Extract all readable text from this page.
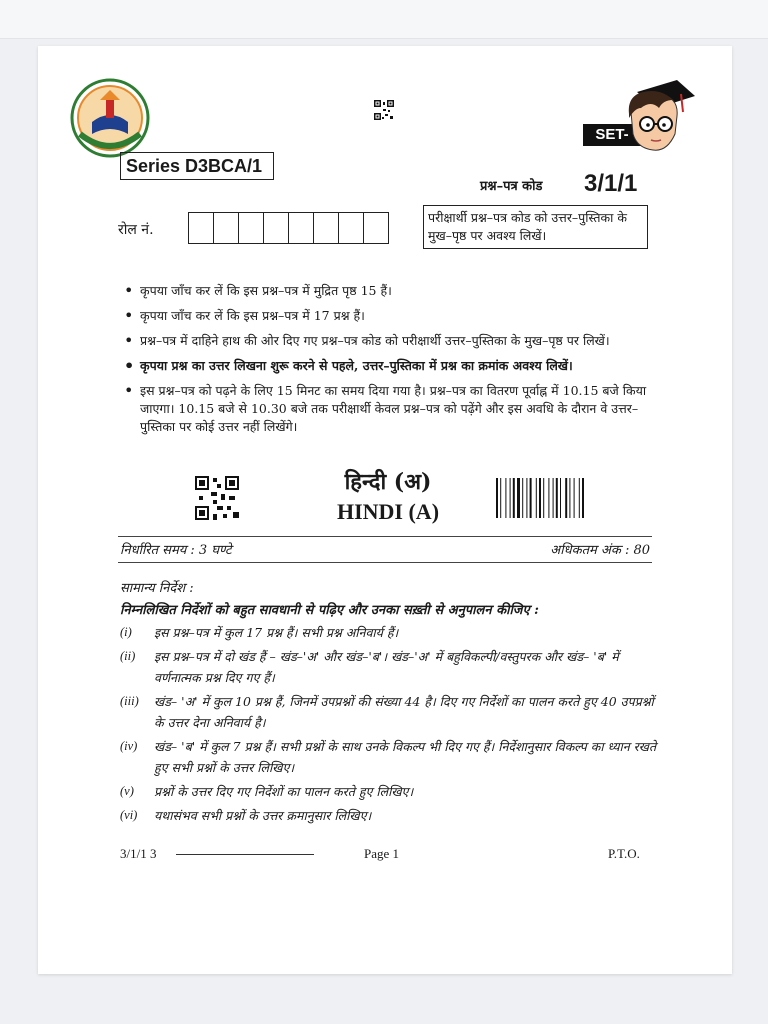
SET-
Series D3BCA/1
प्रश्न–पत्र कोड 3/1/1
रोल नं.
परीक्षार्थी प्रश्न–पत्र कोड को उत्तर–पुस्तिका के मुख–पृष्ठ पर अवश्य लिखें।
• कृपया जाँच कर लें कि इस प्रश्न–पत्र में मुद्रित पृष्ठ 15 हैं।
• कृपया जाँच कर लें कि इस प्रश्न–पत्र में 17 प्रश्न हैं।
• प्रश्न–पत्र में दाहिने हाथ की ओर दिए गए प्रश्न–पत्र कोड को परीक्षार्थी उत्तर–पुस्तिका के मुख–पृष्ठ पर लिखें।
• कृपया प्रश्न का उत्तर लिखना शुरू करने से पहले, उत्तर–पुस्तिका में प्रश्न का क्रमांक अवश्य लिखें।
• इस प्रश्न–पत्र को पढ़ने के लिए 15 मिनट का समय दिया गया है। प्रश्न–पत्र का वितरण पूर्वाह्न में 10.15 बजे किया जाएगा। 10.15 बजे से 10.30 बजे तक परीक्षार्थी केवल प्रश्न–पत्र को पढ़ेंगे और इस अवधि के दौरान वे उत्तर–पुस्तिका पर कोई उत्तर नहीं लिखेंगे।
हिन्दी (अ)
HINDI (A)
निर्धारित समय : 3 घण्टे	अधिकतम अंक : 80
सामान्य निर्देश :
निम्नलिखित निर्देशों को बहुत सावधानी से पढ़िए और उनका सख़्ती से अनुपालन कीजिए :
(i)	इस प्रश्न–पत्र में कुल 17 प्रश्न हैं। सभी प्रश्न अनिवार्य हैं।
(ii)	इस प्रश्न–पत्र में दो खंड हैं – खंड–'अ' और खंड–'ब'। खंड–'अ' में बहुविकल्पी/वस्तुपरक और खंड– 'ब' में वर्णनात्मक प्रश्न दिए गए हैं।
(iii)	खंड– 'अ' में कुल 10 प्रश्न हैं, जिनमें उपप्रश्नों की संख्या 44 है। दिए गए निर्देशों का पालन करते हुए 40 उपप्रश्नों के उत्तर देना अनिवार्य है।
(iv)	खंड– 'ब' में कुल 7 प्रश्न हैं। सभी प्रश्नों के साथ उनके विकल्प भी दिए गए हैं। निर्देशानुसार विकल्प का ध्यान रखते हुए सभी प्रश्नों के उत्तर लिखिए।
(v)	प्रश्नों के उत्तर दिए गए निर्देशों का पालन करते हुए लिखिए।
(vi)	यथासंभव सभी प्रश्नों के उत्तर क्रमानुसार लिखिए।
3/1/1 3	Page 1	P.T.O.
